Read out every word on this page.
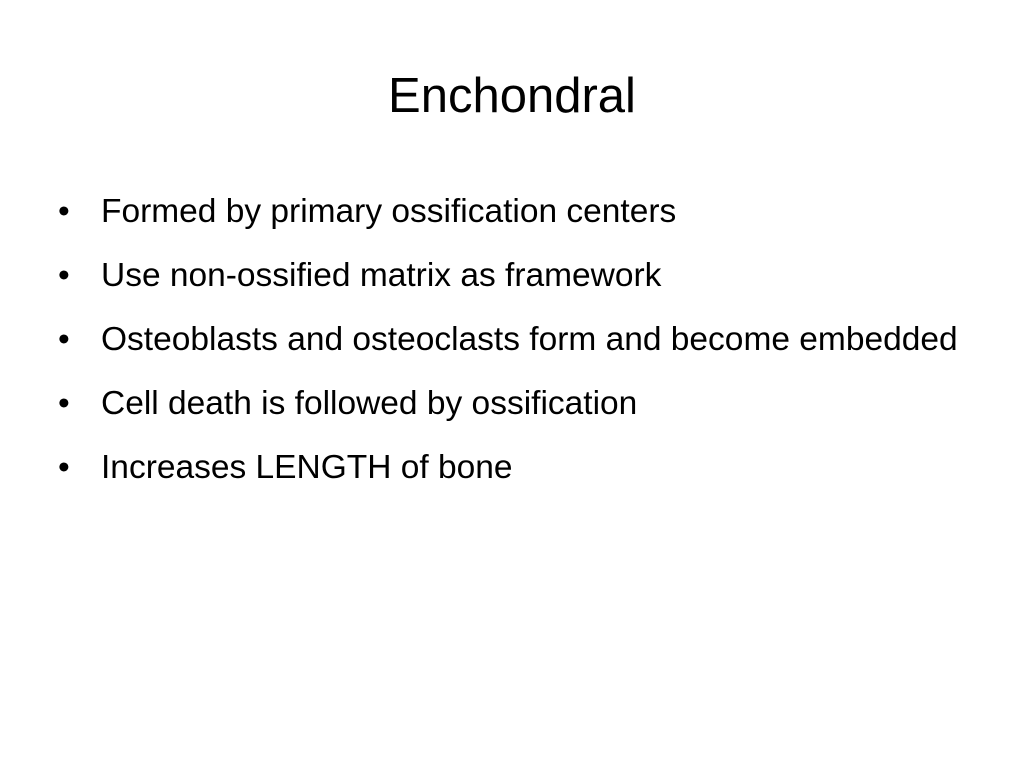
Enchondral
• Formed by primary ossification centers
• Use non-ossified matrix as framework
• Osteoblasts and osteoclasts form and become embedded
• Cell death is followed by ossification
• Increases LENGTH of bone
